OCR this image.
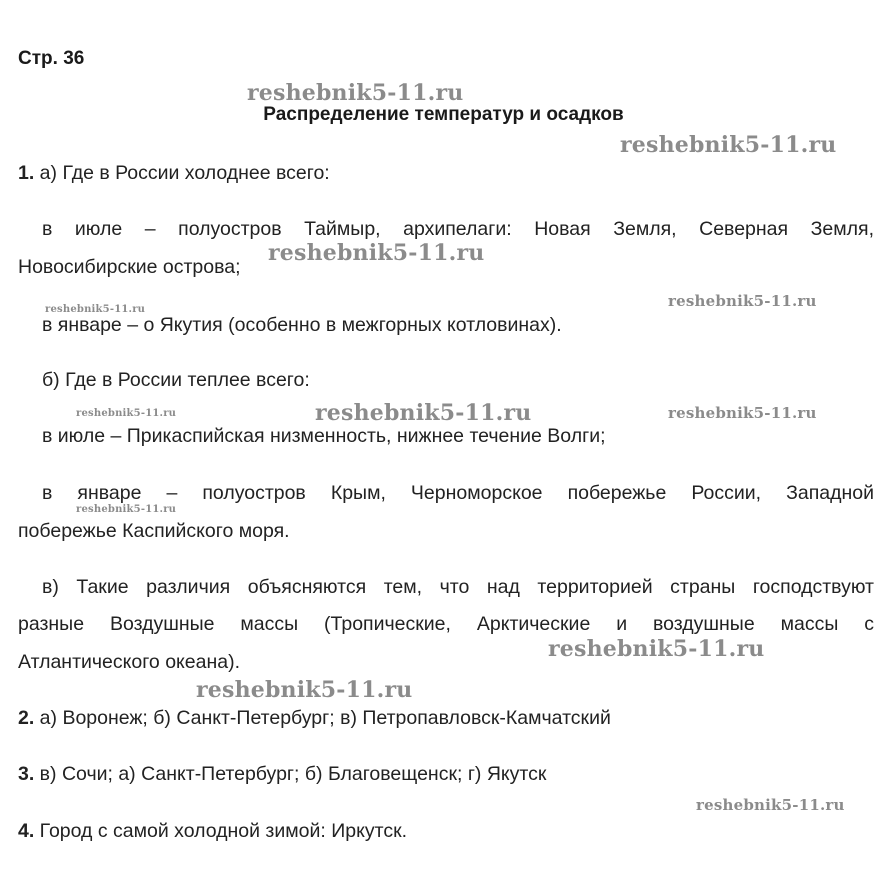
Стр. 36
Распределение температур и осадков
1. а) Где в России холоднее всего:
в июле – полуостров Таймыр, архипелаги: Новая Земля, Северная Земля,
Новосибирские острова;
в январе – о Якутия (особенно в межгорных котловинах).
б) Где в России теплее всего:
в июле – Прикаспийская низменность, нижнее течение Волги;
в январе – полуостров Крым, Черноморское побережье России, Западной
побережье Каспийского моря.
в) Такие различия объясняются тем, что над территорией страны господствуют
разные Воздушные массы (Тропические, Арктические и воздушные массы с
Атлантического океана).
2. а) Воронеж; б) Санкт-Петербург; в) Петропавловск-Камчатский
3. в) Сочи; а) Санкт-Петербург; б) Благовещенск; г) Якутск
4. Город с самой холодной зимой: Иркутск.
reshebnik5-11.ru
reshebnik5-11.ru
reshebnik5-11.ru
reshebnik5-11.ru	reshebnik5-11.ru
reshebnik5-11.ru	reshebnik5-11.ru	reshebnik5-11.ru
reshebnik5-11.ru
reshebnik5-11.ru
reshebnik5-11.ru
reshebnik5-11.ru
